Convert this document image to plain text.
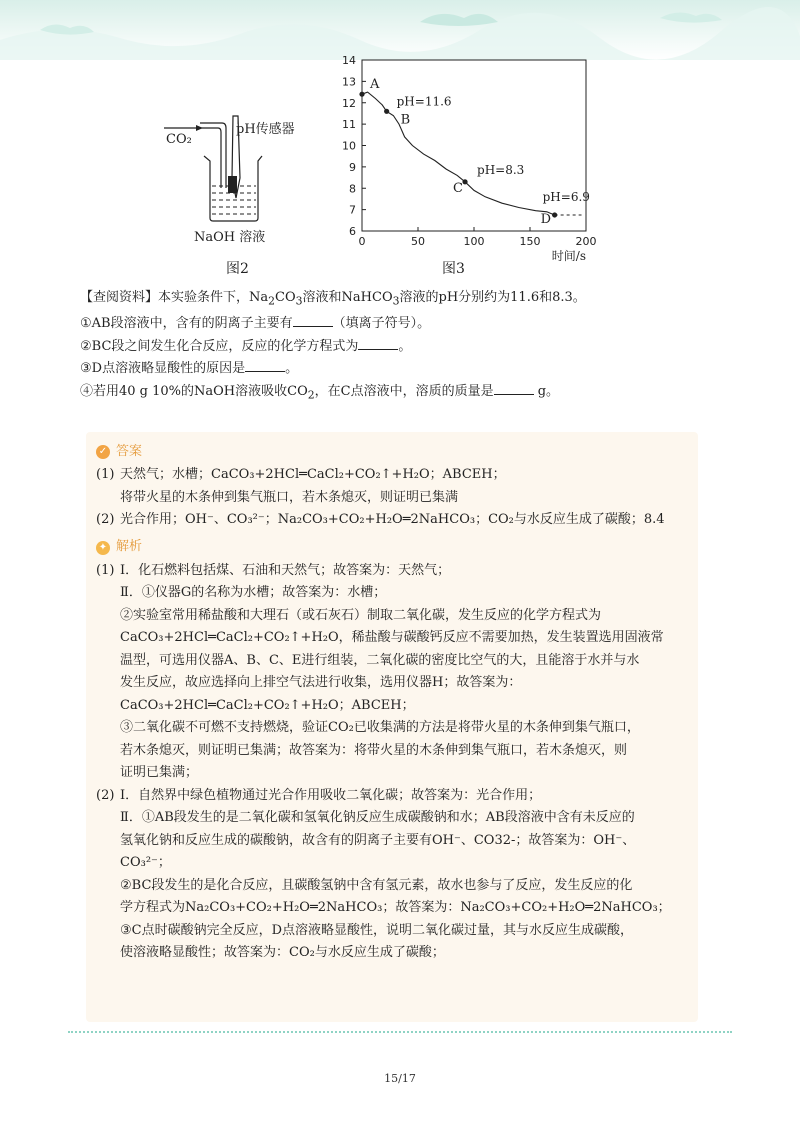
CO₂
pH传感器
NaOH 溶液
图2
0	50	100	150	200
6
7
8
9
10
11
12
13
14
时间/s
A
B
pH=11.6
C
pH=8.3
D
pH=6.9
图3
【查阅资料】本实验条件下，$Na_2CO_3$溶液和NaHCO$_3$溶液的pH分别约为11.6和8.3。
①AB段溶液中，含有的阴离子主要有	（填离子符号）。
②BC段之间发生化合反应，反应的化学方程式为	。
③D点溶液略显酸性的原因是	。
④若用40 g 10%的NaOH溶液吸收$CO_2$，在C点溶液中，溶质的质量是	g。
✓ 答案
(1) 天然气；水槽；CaCO₃+2HCl═CaCl₂+CO₂↑+H₂O；ABCEH；
将带火星的木条伸到集气瓶口，若木条熄灭，则证明已集满
(2) 光合作用；OH⁻、CO₃²⁻；Na₂CO₃+CO₂+H₂O═2NaHCO₃；CO₂与水反应生成了碳酸；8.4
✦ 解析
(1) Ⅰ．化石燃料包括煤、石油和天然气；故答案为：天然气；
Ⅱ．①仪器G的名称为水槽；故答案为：水槽；
②实验室常用稀盐酸和大理石（或石灰石）制取二氧化碳，发生反应的化学方程式为
CaCO₃+2HCl═CaCl₂+CO₂↑+H₂O，稀盐酸与碳酸钙反应不需要加热，发生装置选用固液常
温型，可选用仪器A、B、C、E进行组装，二氧化碳的密度比空气的大，且能溶于水并与水
发生反应，故应选择向上排空气法进行收集，选用仪器H；故答案为：
CaCO₃+2HCl═CaCl₂+CO₂↑+H₂O；ABCEH；
③二氧化碳不可燃不支持燃烧，验证CO₂已收集满的方法是将带火星的木条伸到集气瓶口，
若木条熄灭，则证明已集满；故答案为：将带火星的木条伸到集气瓶口，若木条熄灭，则
证明已集满；
(2) Ⅰ．自然界中绿色植物通过光合作用吸收二氧化碳；故答案为：光合作用；
Ⅱ．①AB段发生的是二氧化碳和氢氧化钠反应生成碳酸钠和水；AB段溶液中含有未反应的
氢氧化钠和反应生成的碳酸钠，故含有的阴离子主要有OH⁻、CO32-；故答案为：OH⁻、
CO₃²⁻；
②BC段发生的是化合反应，且碳酸氢钠中含有氢元素，故水也参与了反应，发生反应的化
学方程式为Na₂CO₃+CO₂+H₂O═2NaHCO₃；故答案为：Na₂CO₃+CO₂+H₂O═2NaHCO₃；
③C点时碳酸钠完全反应，D点溶液略显酸性，说明二氧化碳过量，其与水反应生成碳酸，
使溶液略显酸性；故答案为：CO₂与水反应生成了碳酸；
15/17
